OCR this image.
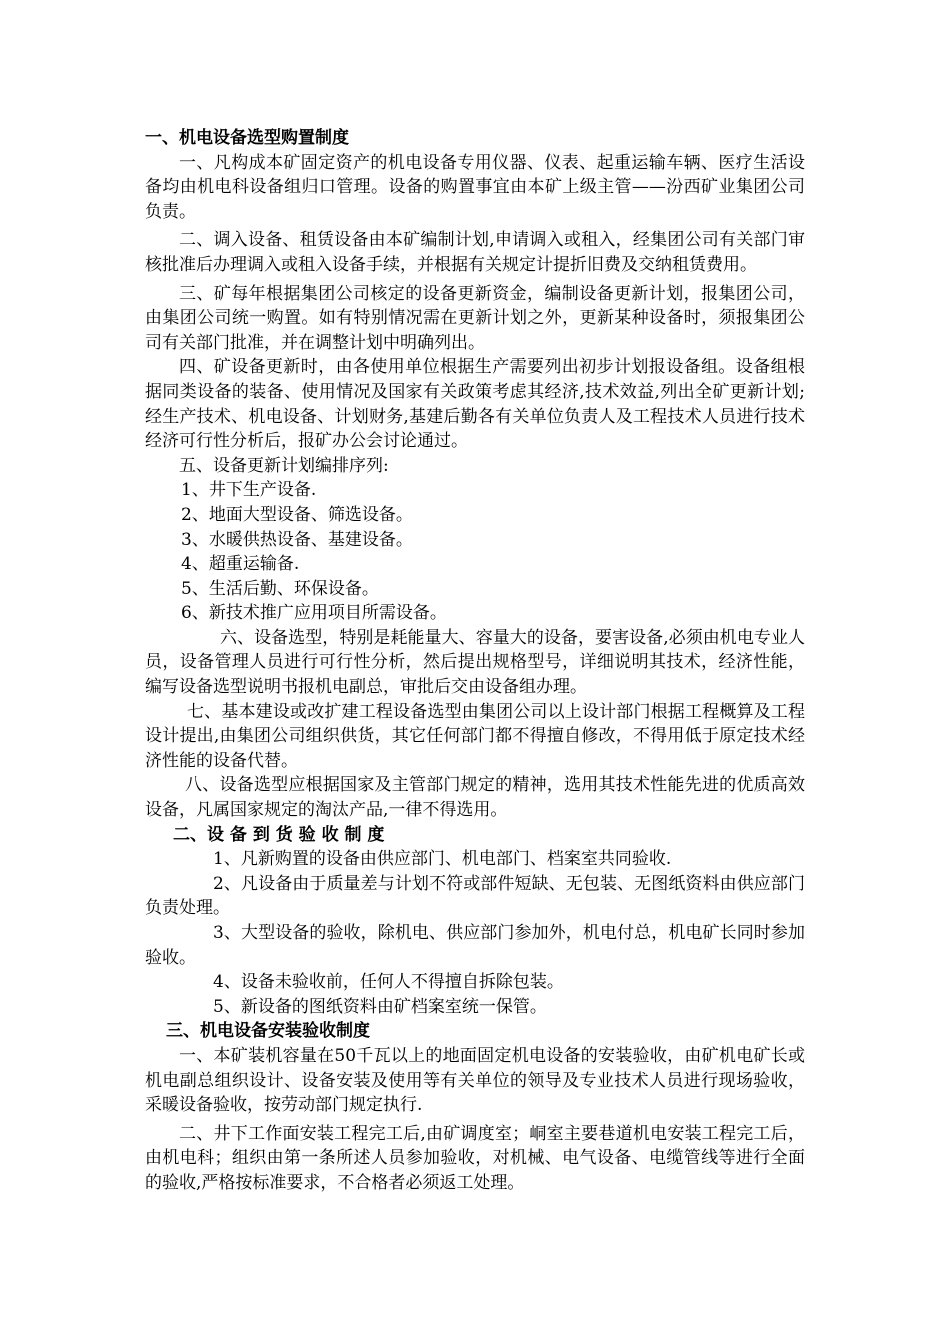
一、机电设备选型购置制度

一、凡构成本矿固定资产的机电设备专用仪器、仪表、起重运输车辆、医疗生活设备均由机电科设备组归口管理。设备的购置事宜由本矿上级主管——汾西矿业集团公司负责。

二、调入设备、租赁设备由本矿编制计划,申请调入或租入，经集团公司有关部门审核批准后办理调入或租入设备手续，并根据有关规定计提折旧费及交纳租赁费用。

三、矿每年根据集团公司核定的设备更新资金，编制设备更新计划，报集团公司，由集团公司统一购置。如有特别情况需在更新计划之外，更新某种设备时，须报集团公司有关部门批准，并在调整计划中明确列出。

四、矿设备更新时，由各使用单位根据生产需要列出初步计划报设备组。设备组根据同类设备的装备、使用情况及国家有关政策考虑其经济,技术效益,列出全矿更新计划;经生产技术、机电设备、计划财务,基建后勤各有关单位负责人及工程技术人员进行技术经济可行性分析后，报矿办公会讨论通过。

五、设备更新计划编排序列:

1、井下生产设备.

2、地面大型设备、筛选设备。

3、水暖供热设备、基建设备。

4、超重运输备.

5、生活后勤、环保设备。

6、新技术推广应用项目所需设备。

六、设备选型，特别是耗能量大、容量大的设备，要害设备,必须由机电专业人员，设备管理人员进行可行性分析，然后提出规格型号，详细说明其技术，经济性能，编写设备选型说明书报机电副总，审批后交由设备组办理。

七、基本建设或改扩建工程设备选型由集团公司以上设计部门根据工程概算及工程设计提出,由集团公司组织供货，其它任何部门都不得擅自修改，不得用低于原定技术经济性能的设备代替。

八、设备选型应根据国家及主管部门规定的精神，选用其技术性能先进的优质高效设备，凡属国家规定的淘汰产品,一律不得选用。

二、设 备 到 货 验 收 制 度

1、凡新购置的设备由供应部门、机电部门、档案室共同验收.

2、凡设备由于质量差与计划不符或部件短缺、无包装、无图纸资料由供应部门负责处理。

3、大型设备的验收，除机电、供应部门参加外，机电付总，机电矿长同时参加验收。

4、设备未验收前，任何人不得擅自拆除包装。

5、新设备的图纸资料由矿档案室统一保管。

三、机电设备安装验收制度

一、本矿装机容量在50千瓦以上的地面固定机电设备的安装验收，由矿机电矿长或机电副总组织设计、设备安装及使用等有关单位的领导及专业技术人员进行现场验收，采暖设备验收，按劳动部门规定执行.

二、井下工作面安装工程完工后,由矿调度室；峒室主要巷道机电安装工程完工后，由机电科；组织由第一条所述人员参加验收，对机械、电气设备、电缆管线等进行全面的验收,严格按标准要求，不合格者必须返工处理。
